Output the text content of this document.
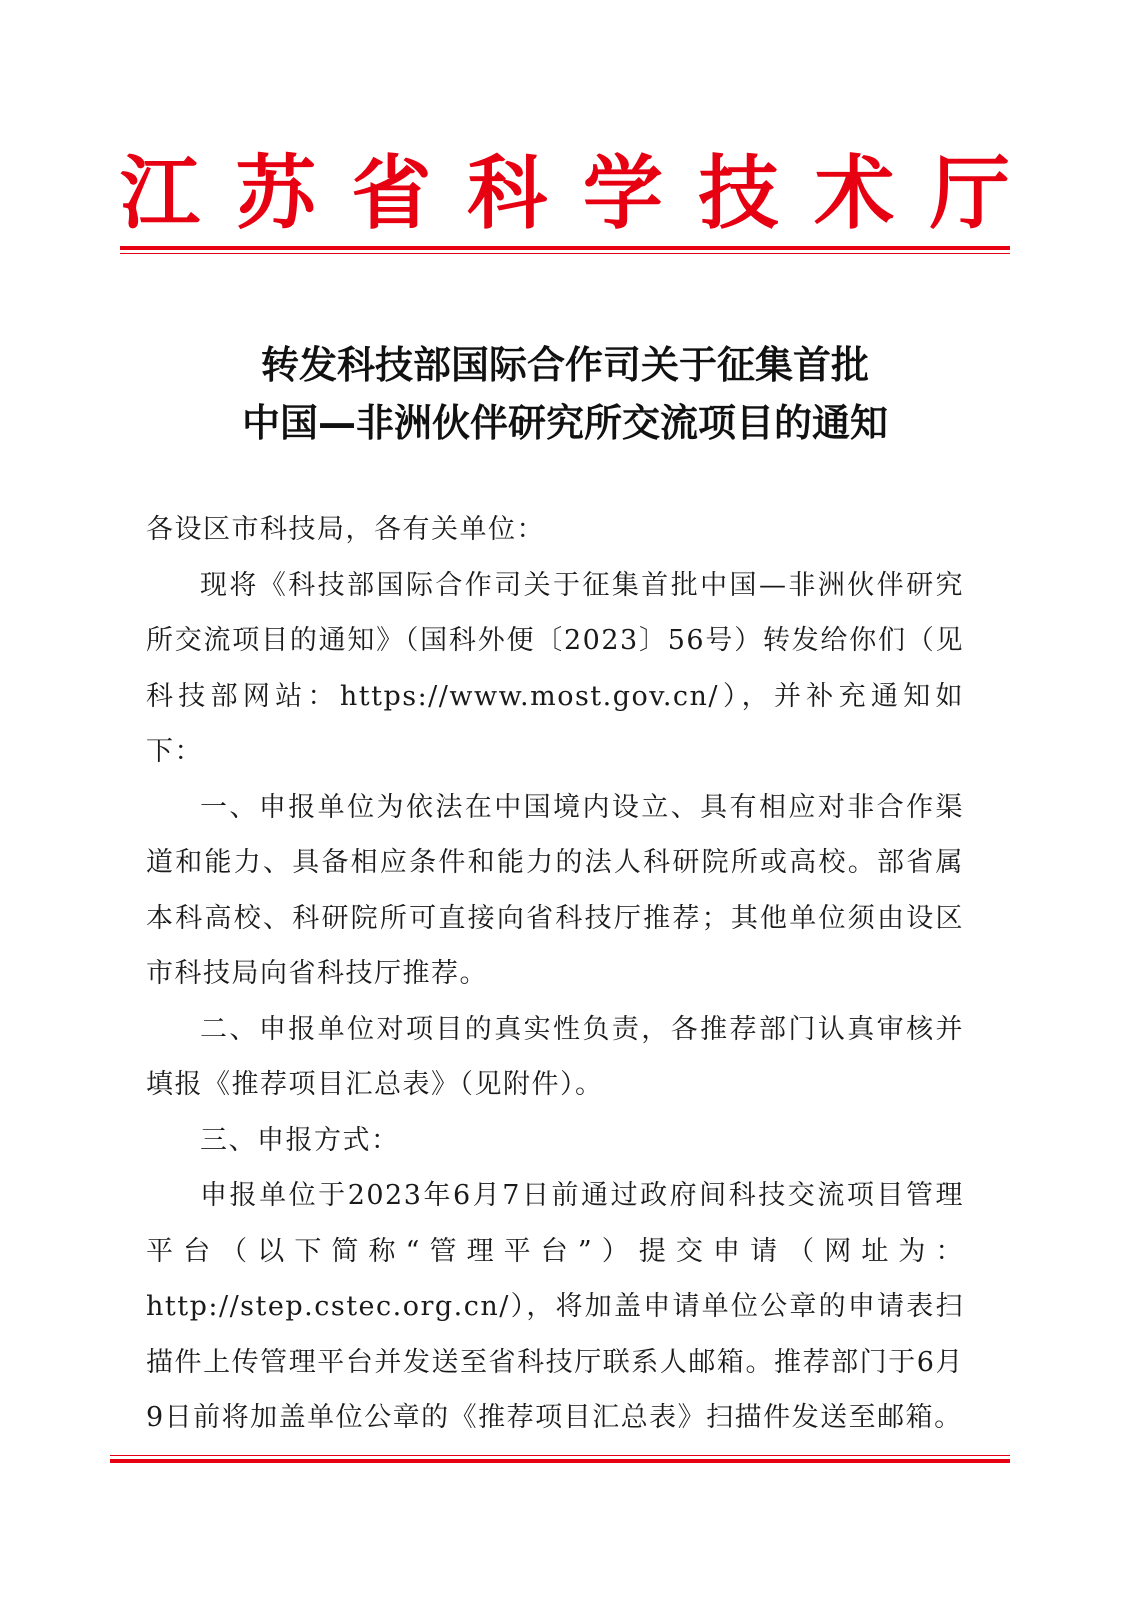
江 苏 省 科 学 技 术 厅
转发科技部国际合作司关于征集首批
中国—非洲伙伴研究所交流项目的通知

各设区市科技局，各有关单位：

现将《科技部国际合作司关于征集首批中国—非洲伙伴研究所交流项目的通知》（国科外便〔2023〕56号）转发给你们（见科技部网站：https://www.most.gov.cn/），并补充通知如下：

一、申报单位为依法在中国境内设立、具有相应对非合作渠道和能力、具备相应条件和能力的法人科研院所或高校。部省属本科高校、科研院所可直接向省科技厅推荐；其他单位须由设区市科技局向省科技厅推荐。

二、申报单位对项目的真实性负责，各推荐部门认真审核并填报《推荐项目汇总表》（见附件）。

三、申报方式：

申报单位于2023年6月7日前通过政府间科技交流项目管理

平台（以下简称“管理平台”）提交申请（网址为：

http://step.cstec.org.cn/），将加盖申请单位公章的申请表扫描件上传管理平台并发送至省科技厅联系人邮箱。推荐部门于6月9日前将加盖单位公章的《推荐项目汇总表》扫描件发送至邮箱。
